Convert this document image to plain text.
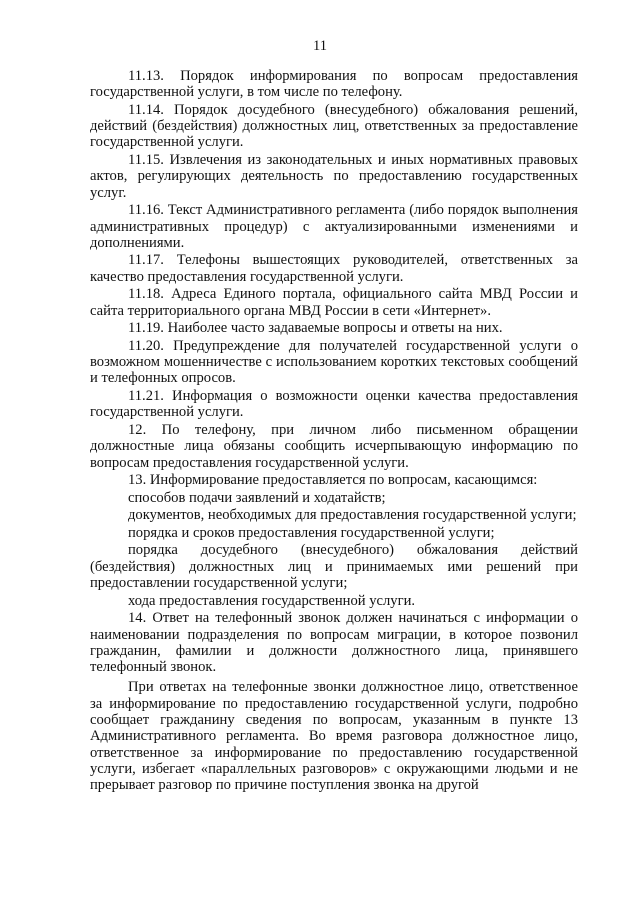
11

11.13. Порядок информирования по вопросам предоставления государственной услуги, в том числе по телефону.

11.14. Порядок досудебного (внесудебного) обжалования решений, действий (бездействия) должностных лиц, ответственных за предоставление государственной услуги.

11.15. Извлечения из законодательных и иных нормативных правовых актов, регулирующих деятельность по предоставлению государственных услуг.

11.16. Текст Административного регламента (либо порядок выполнения административных процедур) с актуализированными изменениями и дополнениями.

11.17. Телефоны вышестоящих руководителей, ответственных за качество предоставления государственной услуги.

11.18. Адреса Единого портала, официального сайта МВД России и сайта территориального органа МВД России в сети «Интернет».

11.19. Наиболее часто задаваемые вопросы и ответы на них.

11.20. Предупреждение для получателей государственной услуги о возможном мошенничестве с использованием коротких текстовых сообщений и телефонных опросов.

11.21. Информация о возможности оценки качества предоставления государственной услуги.

12. По телефону, при личном либо письменном обращении должностные лица обязаны сообщить исчерпывающую информацию по вопросам предоставления государственной услуги.

13. Информирование предоставляется по вопросам, касающимся:

способов подачи заявлений и ходатайств;

документов, необходимых для предоставления государственной услуги;

порядка и сроков предоставления государственной услуги;

порядка досудебного (внесудебного) обжалования действий (бездействия) должностных лиц и принимаемых ими решений при предоставлении государственной услуги;

хода предоставления государственной услуги.

14. Ответ на телефонный звонок должен начинаться с информации о наименовании подразделения по вопросам миграции, в которое позвонил гражданин, фамилии и должности должностного лица, принявшего телефонный звонок.

При ответах на телефонные звонки должностное лицо, ответственное за информирование по предоставлению государственной услуги, подробно сообщает гражданину сведения по вопросам, указанным в пункте 13 Административного регламента. Во время разговора должностное лицо, ответственное за информирование по предоставлению государственной услуги, избегает «параллельных разговоров» с окружающими людьми и не прерывает разговор по причине поступления звонка на другой
